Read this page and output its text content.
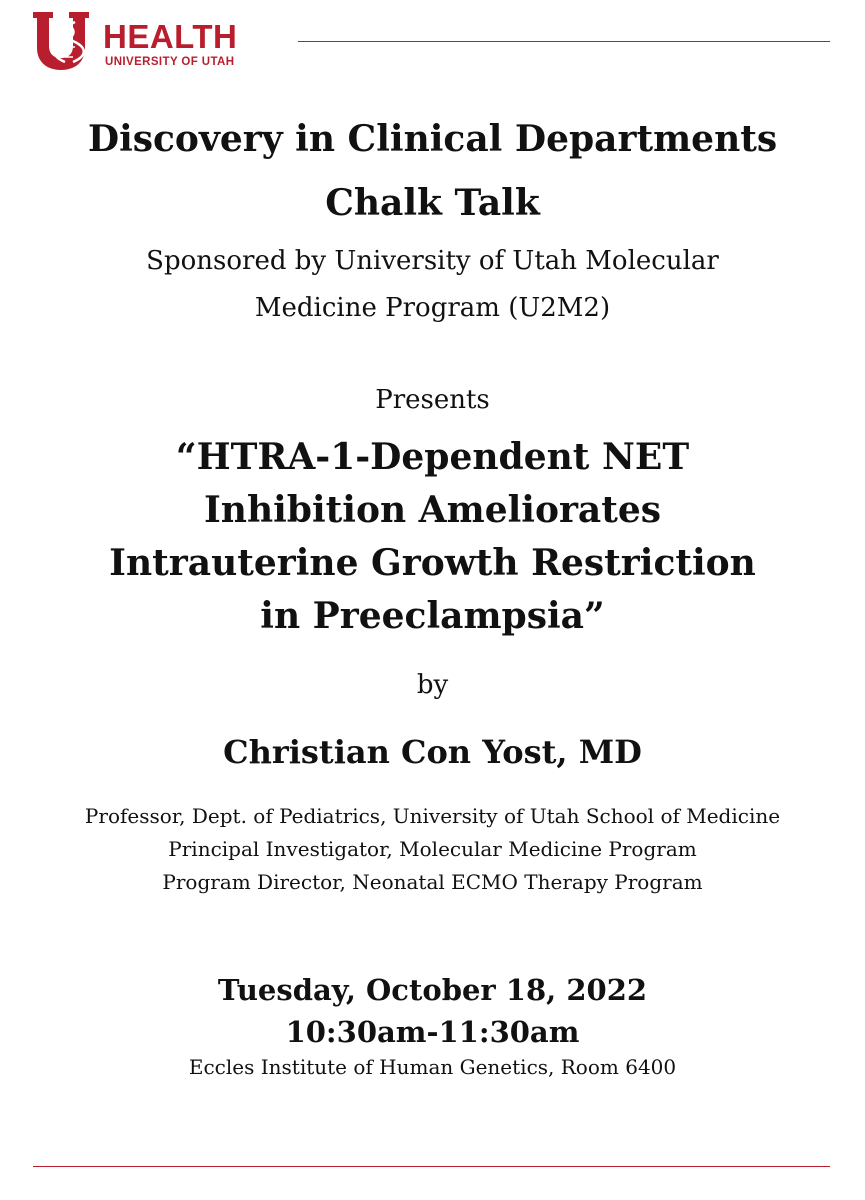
HEALTH
UNIVERSITY OF UTAH
Discovery in Clinical Departments
Chalk Talk
Sponsored by University of Utah Molecular
Medicine Program (U2M2)
Presents
“HTRA-1-Dependent NET
Inhibition Ameliorates
Intrauterine Growth Restriction
in Preeclampsia”
by
Christian Con Yost, MD
Professor, Dept. of Pediatrics, University of Utah School of Medicine
Principal Investigator, Molecular Medicine Program
Program Director, Neonatal ECMO Therapy Program
Tuesday, October 18, 2022
10:30am-11:30am
Eccles Institute of Human Genetics, Room 6400
